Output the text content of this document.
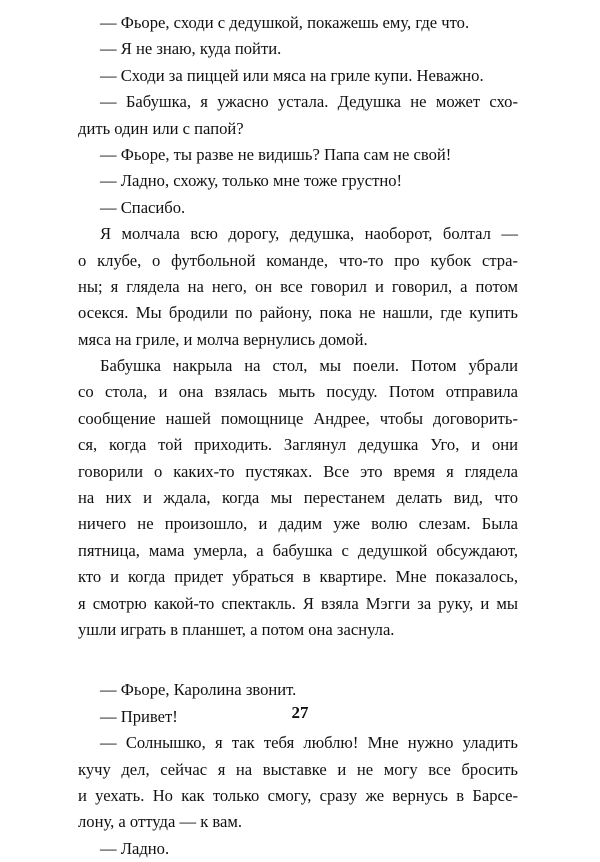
— Фьоре, сходи с дедушкой, покажешь ему, где что.
— Я не знаю, куда пойти.
— Сходи за пиццей или мяса на гриле купи. Неважно.
— Бабушка, я ужасно устала. Дедушка не может схо-
дить один или с папой?
— Фьоре, ты разве не видишь? Папа сам не свой!
— Ладно, схожу, только мне тоже грустно!
— Спасибо.
Я молчала всю дорогу, дедушка, наоборот, болтал —
о клубе, о футбольной команде, что-то про кубок стра-
ны; я глядела на него, он все говорил и говорил, а потом
осекся. Мы бродили по району, пока не нашли, где купить
мяса на гриле, и молча вернулись домой.
Бабушка накрыла на стол, мы поели. Потом убрали
со стола, и она взялась мыть посуду. Потом отправила
сообщение нашей помощнице Андрее, чтобы договорить-
ся, когда той приходить. Заглянул дедушка Уго, и они
говорили о каких-то пустяках. Все это время я глядела
на них и ждала, когда мы перестанем делать вид, что
ничего не произошло, и дадим уже волю слезам. Была
пятница, мама умерла, а бабушка с дедушкой обсуждают,
кто и когда придет убраться в квартире. Мне показалось,
я смотрю какой-то спектакль. Я взяла Мэгги за руку, и мы
ушли играть в планшет, а потом она заснула.
— Фьоре, Каролина звонит.
— Привет!
— Солнышко, я так тебя люблю! Мне нужно уладить
кучу дел, сейчас я на выставке и не могу все бросить
и уехать. Но как только смогу, сразу же вернусь в Барсе-
лону, а оттуда — к вам.
— Ладно.
27
